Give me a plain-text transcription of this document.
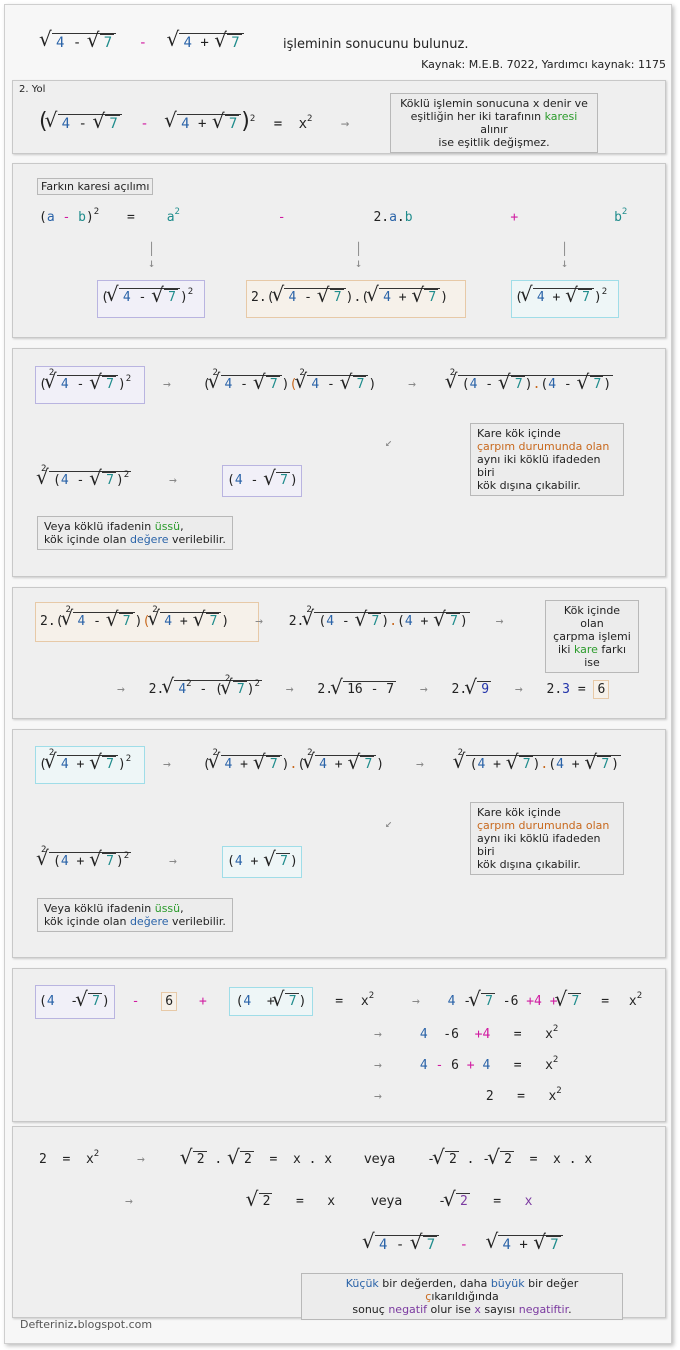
√ 4 - √ 7 -	√ 4 + √ 7	işleminin sonucunu bulunuz.
Kaynak: M.E.B. 7022, Yardımcı kaynak: 1175
2. Yol
( √ 4 - √ 7 - √ 4 + √ 7 )$^2 = x^2$ →
Köklü işlemin sonucuna x denir ve
eşitliğin her iki tarafının karesi alınır
ise eşitlik değişmez.
Farkın karesi açılımı
$(a - b)^2 = a^2$	-	2.a.b	+	$b^2$
│
↓
│
↓
│
↓
( √ 4 - √ 7 )$^2$	2.( √ 4 - √ 7 ).( √ 4 + √ 7 )	( √ 4 + √ 7 )$^2$
(
√ 2
4 - √ 7 )$^2$ → (
√ 2
4 - √ 7 )(
√ 2
4 - √ 7 ) →
√ 2
(4 - √ 7 ).(4 - √ 7 )
Kare kök içinde
çarpım durumunda olan
aynı iki köklü ifadeden biri
kök dışına çıkabilir.
↙
√ 2
(4 - √ 7 )$^2$	→	(4 - √ 7 )
Veya köklü ifadenin üssü,
kök içinde olan değere verilebilir.
2.(
√ 2
4 - √ 7 )(
√ 2
4 + √ 7 ) → 2.
√ 2
(4 - √ 7 ).(4 + √ 7 ) →
Kök içinde olan
çarpma işlemi
iki kare farkı ise
→ 2. √ $4^2$ - (
√ 2
7 )$^2$ → 2. √ 16 - 7 → 2. √ 9 → 2.3 = 6
(
√ 2
4 + √ 7 )$^2$ → (
√ 2
4 + √ 7 ).(
√ 2
4 + √ 7 ) →
√ 2
(4 + √ 7 ).(4 + √ 7 )
Kare kök içinde
çarpım durumunda olan
aynı iki köklü ifadeden biri
kök dışına çıkabilir.
↙
√ 2
(4 + √ 7 )$^2$	→	(4 + √ 7 )
Veya köklü ifadenin üssü,
kök içinde olan değere verilebilir.
(4  - √ 7 ) - 6 + (4  + √ 7 ) = $x^2$	→ 4 - √ 7 -6 +4 + √ $7 = x^2$
→	4  $-6 +4 = x^2$
→	$4 - 6 + 4 = x^2$
→	$2 = x^2$
$2 = x^2$	→	√ 2 . √ 2  =  x . x veya - √ 2 . - √ 2  =  x . x
→	√ 2   =   x	veya - √ 2   =   x
√ 4 - √ 7 - √ 4 + √ 7
Küçük bir değerden, daha büyük bir değer çıkarıldığında
sonuç negatif olur ise x sayısı negatiftir.
Defteriniz.blogspot.com
